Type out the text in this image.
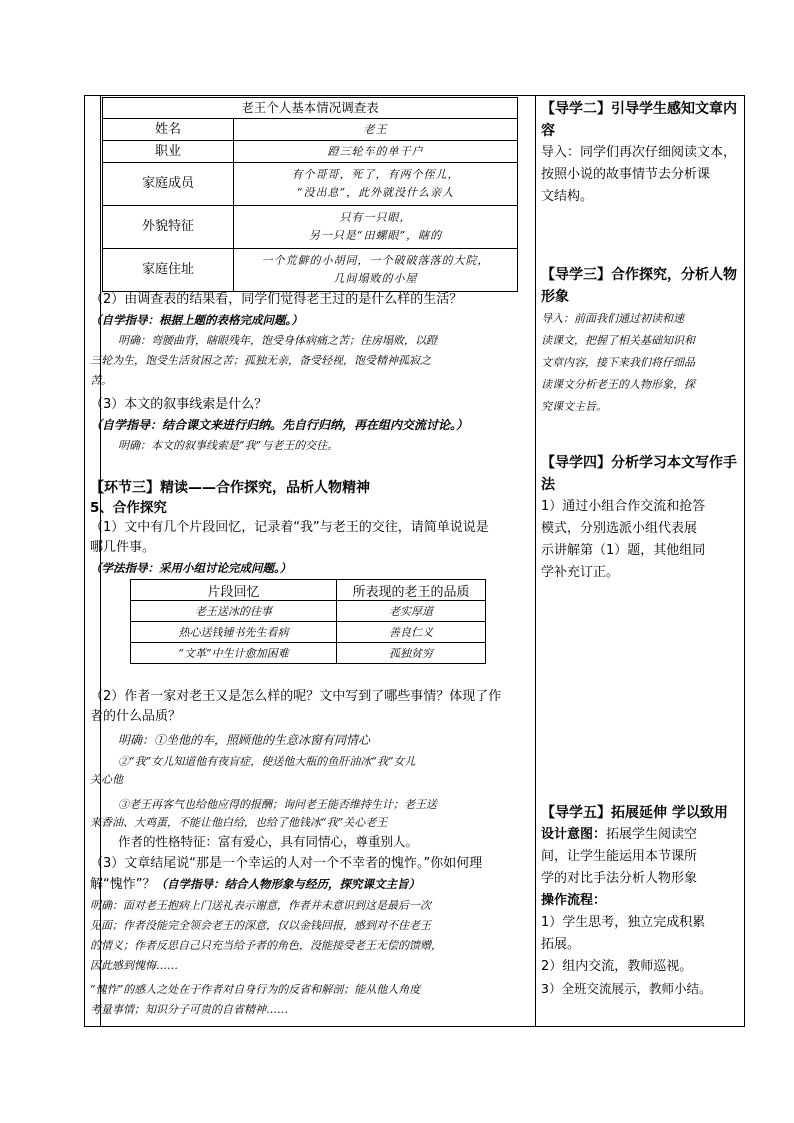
老王个人基本情况调查表	
姓名	老王
职业	蹬三轮车的单干户
家庭成员	有个哥哥，死了，有两个侄儿，
“没出息”，此外就没什么亲人

外貌特征	只有一只眼，
另一只是“田螺眼”，瞎的

家庭住址	一个荒僻的小胡同，一个破破落落的大院，
几间塌败的小屋
（2）由调查表的结果看，同学们觉得老王过的是什么样的生活？
（自学指导：根据上题的表格完成问题。）
明确：弯腰曲背，瞎眼残年，饱受身体病痛之苦；住房塌败，以蹬
三轮为生，饱受生活贫困之苦；孤独无亲，备受轻视，饱受精神孤寂之
苦。
（3）本文的叙事线索是什么？
（自学指导：结合课文来进行归纳。先自行归纳，再在组内交流讨论。）
明确：本文的叙事线索是“我”与老王的交往。
【环节三】精读——合作探究，品析人物精神
5、合作探究
（1）文中有几个片段回忆，记录着“我”与老王的交往，请简单说说是
哪几件事。
（学法指导：采用小组讨论完成问题。）
片段回忆	所表现的老王的品质
老王送冰的往事	老实厚道
热心送钱锺书先生看病	善良仁义
“文革”中生计愈加困难	孤独贫穷
（2）作者一家对老王又是怎么样的呢？文中写到了哪些事情？体现了作
者的什么品质？
明确：①坐他的车，照顾他的生意冰窗有同情心
②“我”女儿知道他有夜盲症，使送他大瓶的鱼肝油冰“我”女儿
关心他
③老王再客气也给他应得的报酬；询问老王能否维持生计；老王送
来香油、大鸡蛋，不能让他白给，也给了他钱冰“我”关心老王
作者的性格特征：富有爱心，具有同情心，尊重别人。
（3）文章结尾说“那是一个幸运的人对一个不幸者的愧怍。”你如何理
解“愧怍”？（自学指导：结合人物形象与经历，探究课文主旨）
明确：面对老王抱病上门送礼表示谢意，作者并未意识到这是最后一次
见面；作者没能完全领会老王的深意，仅以金钱回报，感到对不住老王
的情义；作者反思自己只充当给予者的角色，没能接受老王无偿的馈赠，
因此感到愧悔……
“愧怍”的感人之处在于作者对自身行为的反省和解剖；能从他人角度
考量事情；知识分子可贵的自省精神……
【导学二】引导学生感知文章内容
导入：同学们再次仔细阅读文本，
按照小说的故事情节去分析课
文结构。
【导学三】合作探究，分析人物形象
导入：前面我们通过初读和速
读课文，把握了相关基础知识和
文章内容，接下来我们将仔细品
读课文分析老王的人物形象，探
究课文主旨。
【导学四】分析学习本文写作手法
1）通过小组合作交流和抢答
模式，分别选派小组代表展
示讲解第（1）题，其他组同
学补充订正。
【导学五】拓展延伸 学以致用
设计意图：拓展学生阅读空
间，让学生能运用本节课所
学的对比手法分析人物形象
操作流程：
1）学生思考，独立完成积累
拓展。
2）组内交流，教师巡视。
3）全班交流展示，教师小结。
